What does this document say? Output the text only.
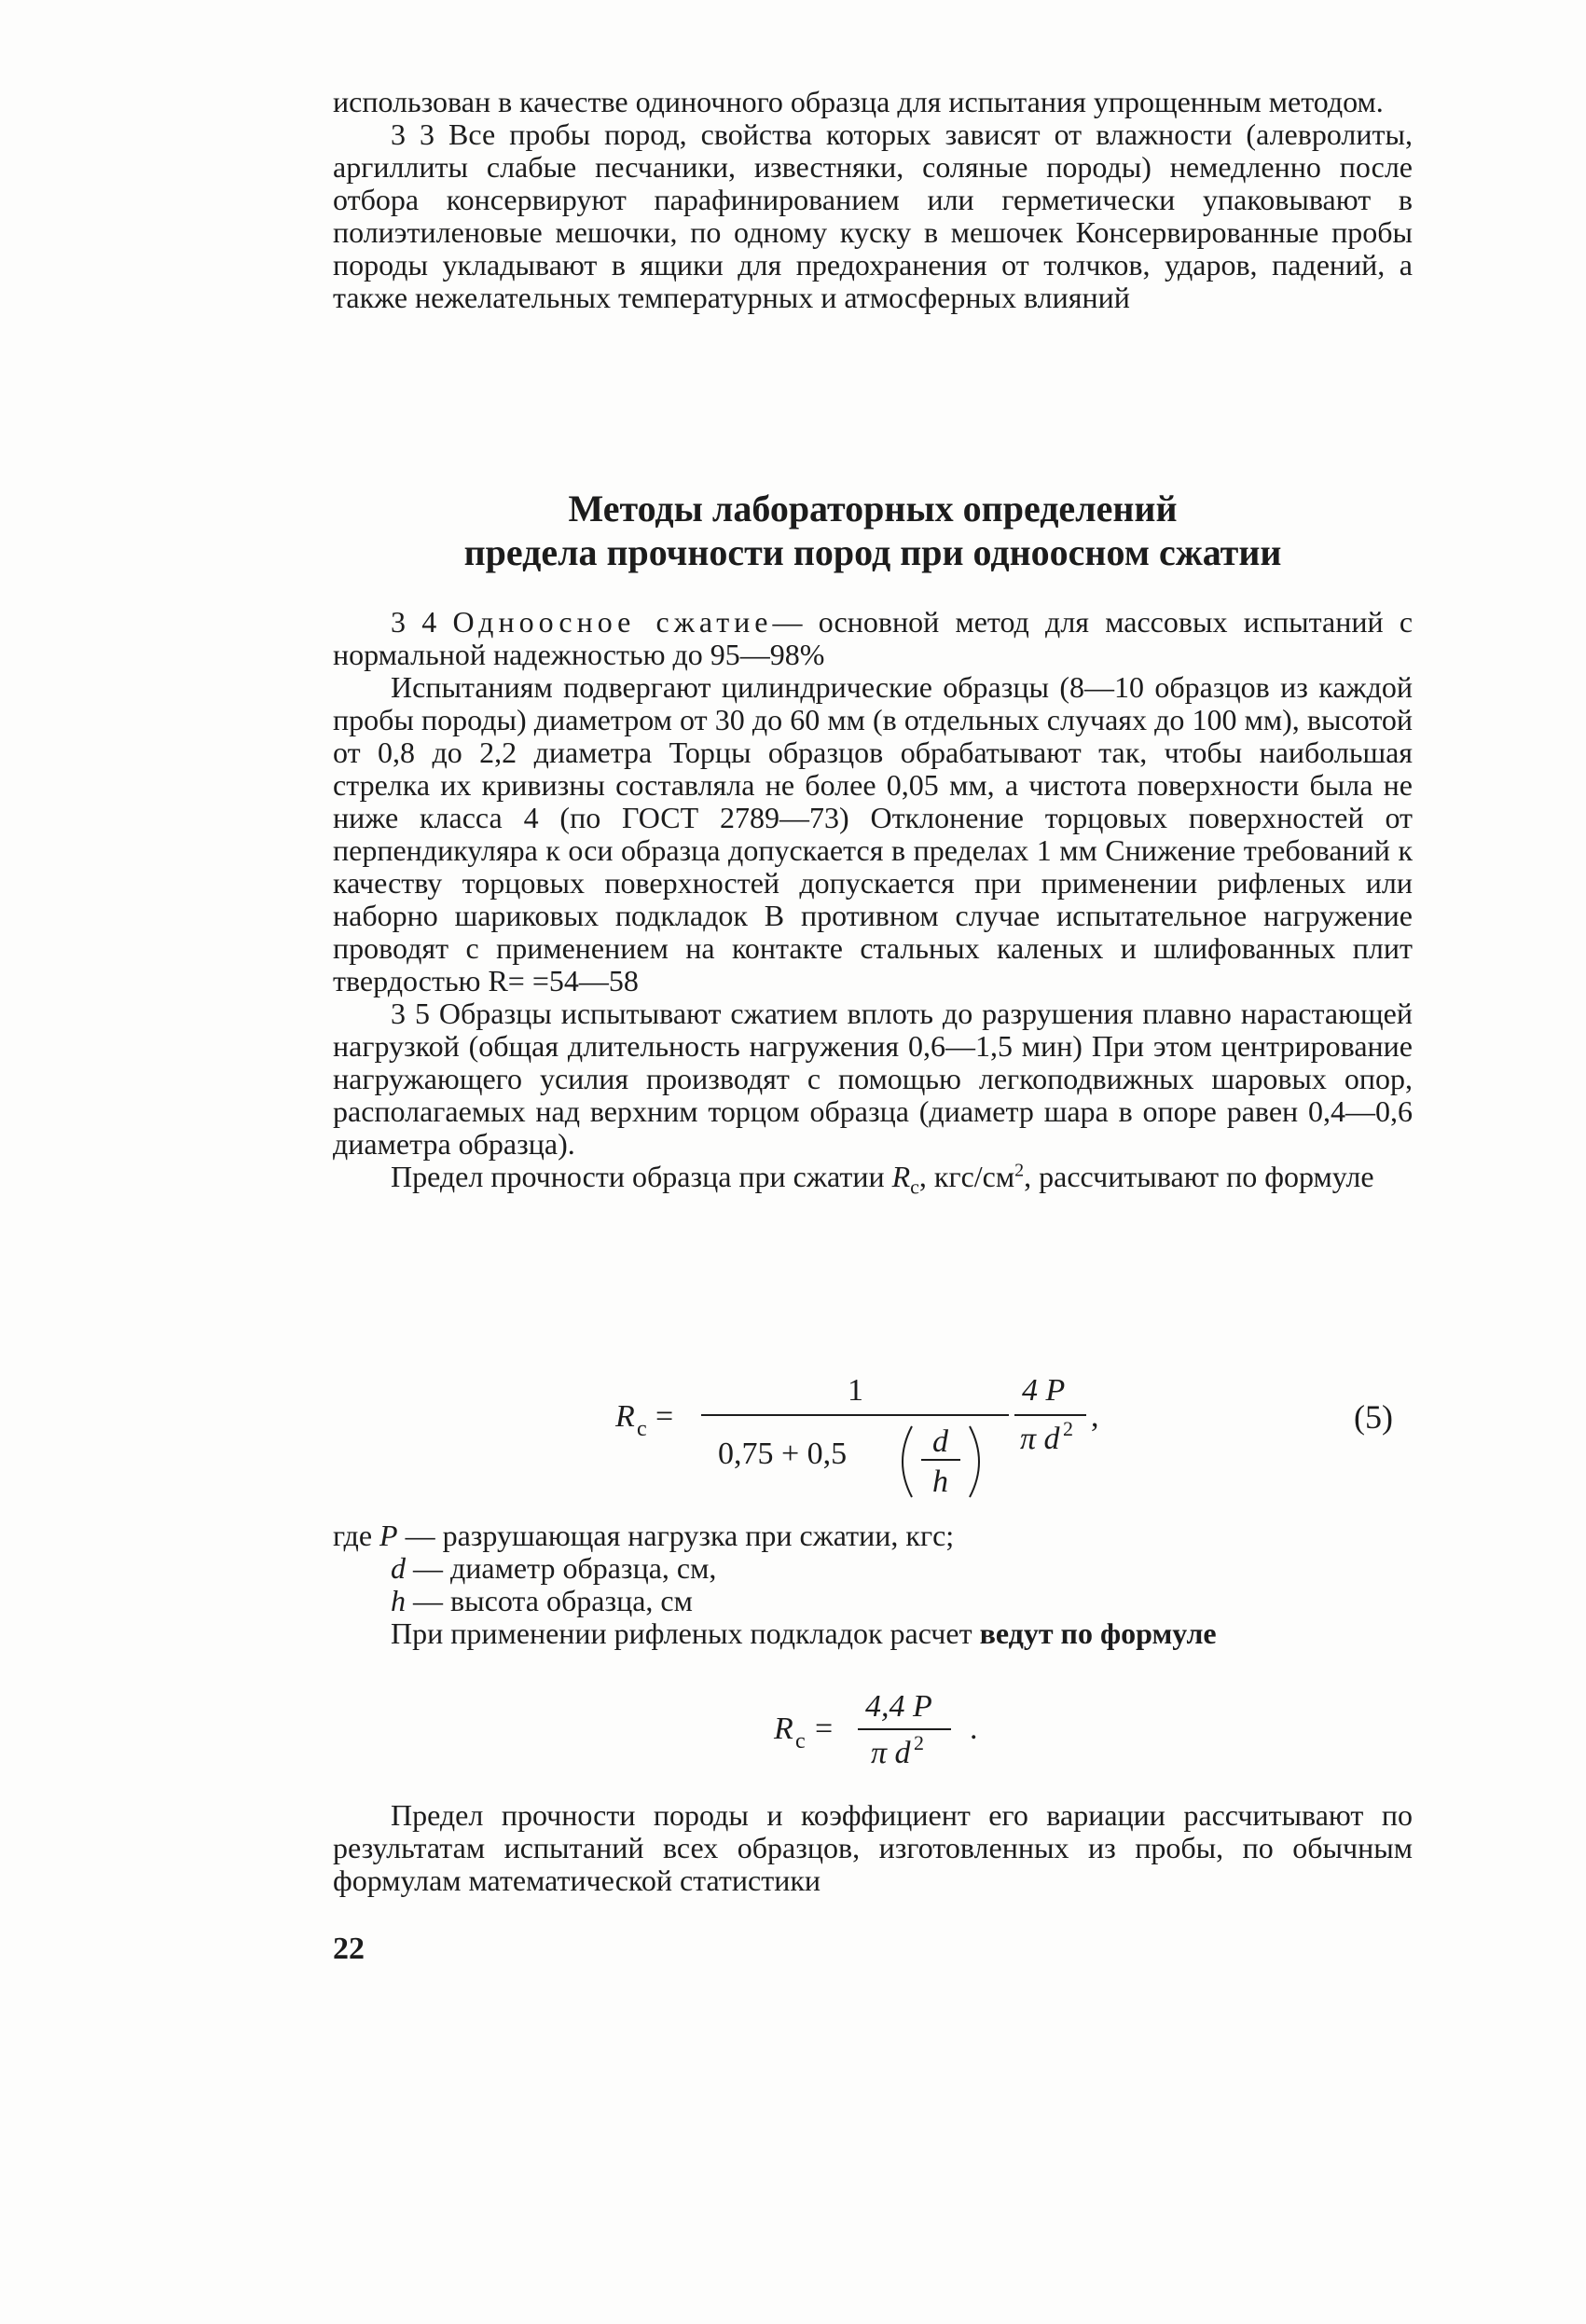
использован в качестве одиночного образца для испытания упрощенным методом.

3 3 Все пробы пород, свойства которых зависят от влажности (алевролиты, аргиллиты слабые песчаники, известняки, соляные породы) немедленно после отбора консервируют парафинированием или герметически упаковывают в полиэтиленовые мешочки, по одному куску в мешочек Консервированные пробы породы укладывают в ящики для предохранения от толчков, ударов, падений, а также нежелательных температурных и атмосферных влияний

Методы лабораторных определений
предела прочности пород при одноосном сжатии

3 4 Одноосное сжатие— основной метод для массовых испытаний с нормальной надежностью до 95—98%

Испытаниям подвергают цилиндрические образцы (8—10 образцов из каждой пробы породы) диаметром от 30 до 60 мм (в отдельных случаях до 100 мм), высотой от 0,8 до 2,2 диаметра Торцы образцов обрабатывают так, чтобы наибольшая стрелка их кривизны составляла не более 0,05 мм, а чистота поверхности была не ниже класса 4 (по ГОСТ 2789—73) Отклонение торцовых поверхностей от перпендикуляра к оси образца допускается в пределах 1 мм Снижение требований к качеству торцовых поверхностей допускается при применении рифленых или наборно шариковых подкладок В противном случае испытательное нагружение проводят с применением на контакте стальных каленых и шлифованных плит твердостью R= =54—58

3 5 Образцы испытывают сжатием вплоть до разрушения плавно нарастающей нагрузкой (общая длительность нагружения 0,6—1,5 мин) При этом центрирование нагружающего усилия производят с помощью легкоподвижных шаровых опор, располагаемых над верхним торцом образца (диаметр шара в опоре равен 0,4—0,6 диаметра образца).

Предел прочности образца при сжатии $R_c$, кгс/$см^2$, рассчитывают по формуле

R c =
1
0,75 + 0,5	d
h
4 P
π d 2 ,	(5)

где P — разрушающая нагрузка при сжатии, кгс;

d — диаметр образца, см,

h — высота образца, см

При применении рифленых подкладок расчет ведут по формуле

R c =
4,4 P
π d 2 .

Предел прочности породы и коэффициент его вариации рассчитывают по результатам испытаний всех образцов, изготовленных из пробы, по обычным формулам математической статистики

22
